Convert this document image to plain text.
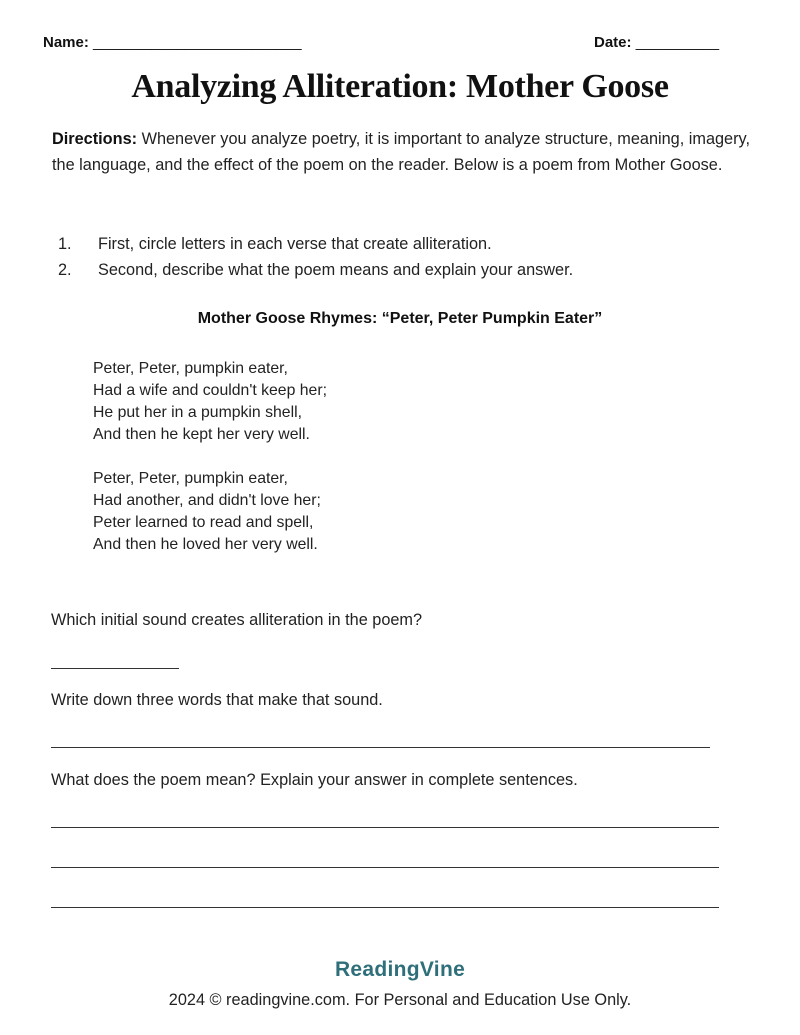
Name: _________________________	Date: __________
Analyzing Alliteration: Mother Goose
Directions: Whenever you analyze poetry, it is important to analyze structure, meaning, imagery, the language, and the effect of the poem on the reader. Below is a poem from Mother Goose.
1. First, circle letters in each verse that create alliteration.
2. Second, describe what the poem means and explain your answer.
Mother Goose Rhymes: “Peter, Peter Pumpkin Eater”
Peter, Peter, pumpkin eater,
Had a wife and couldn't keep her;
He put her in a pumpkin shell,
And then he kept her very well.
Peter, Peter, pumpkin eater,
Had another, and didn't love her;
Peter learned to read and spell,
And then he loved her very well.
Which initial sound creates alliteration in the poem?
Write down three words that make that sound.
What does the poem mean? Explain your answer in complete sentences.
ReadingVine
2024 © readingvine.com. For Personal and Education Use Only.
